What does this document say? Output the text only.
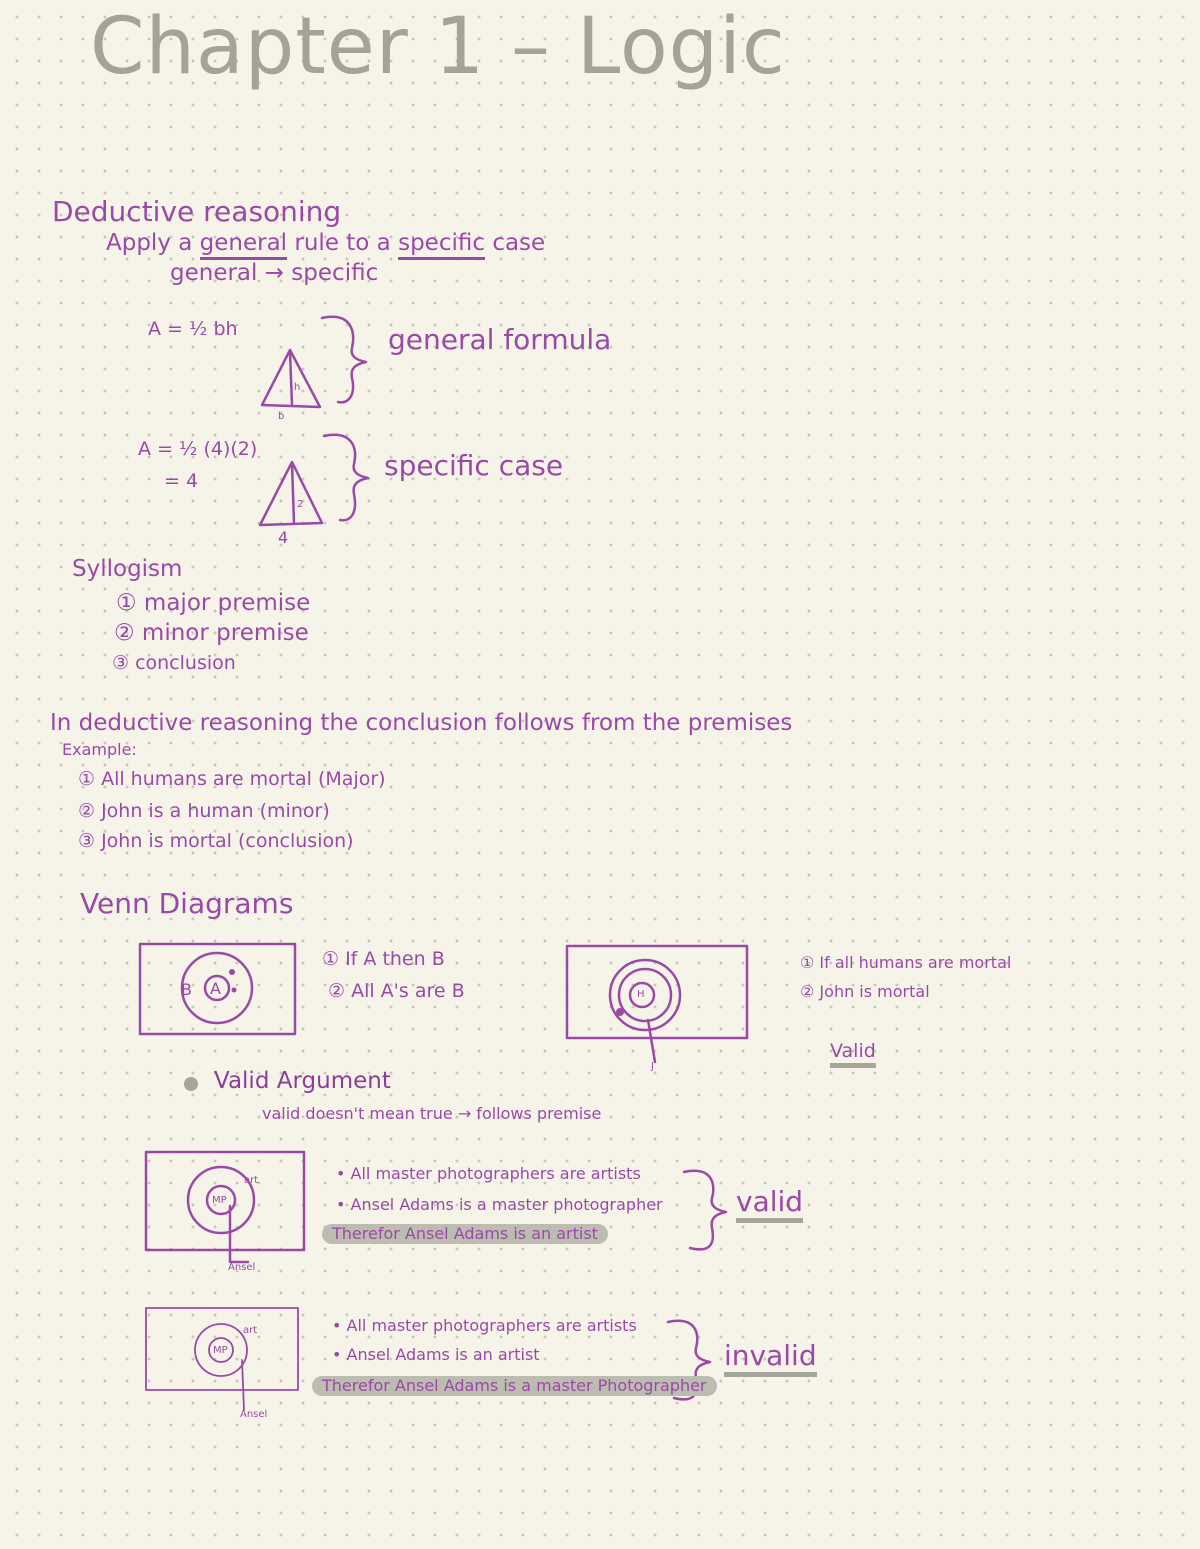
Chapter 1 – Logic
Deductive reasoning
Apply a general rule to a specific case
general → specific
A = ½ bh
h
b
general formula
A = ½ (4)(2)
= 4
2
4
specific case
Syllogism
① major premise
② minor premise
③ conclusion
In deductive reasoning the conclusion follows from the premises
Example:
① All humans are mortal (Major)
② John is a human (minor)
③ John is mortal (conclusion)
Venn Diagrams
B A
① If A then B
② All A's are B	H
J
① If all humans are mortal
② John is mortal
Valid
Valid Argument
valid doesn't mean true → follows premise
art
MP
Ansel
• All master photographers are artists
• Ansel Adams is a master photographer
Therefor Ansel Adams is an artist
valid
art
MP
Ansel
• All master photographers are artists
• Ansel Adams is an artist
Therefor Ansel Adams is a master Photographer
invalid
